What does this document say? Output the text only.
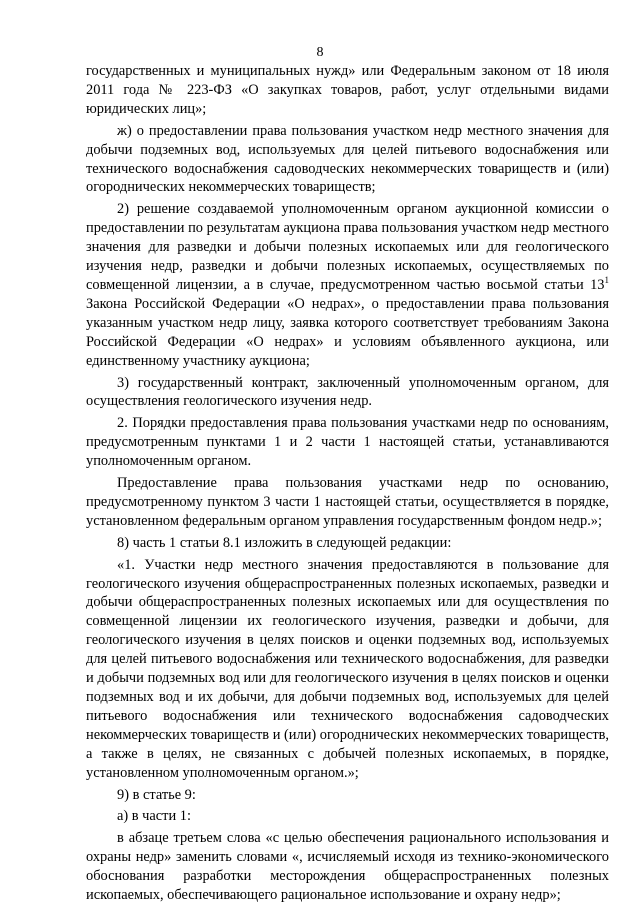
8

государственных и муниципальных нужд» или Федеральным законом от 18 июля 2011 года № 223-ФЗ «О закупках товаров, работ, услуг отдельными видами юридических лиц»;

ж) о предоставлении права пользования участком недр местного значения для добычи подземных вод, используемых для целей питьевого водоснабжения или технического водоснабжения садоводческих некоммерческих товариществ и (или) огороднических некоммерческих товариществ;

2) решение создаваемой уполномоченным органом аукционной комиссии о предоставлении по результатам аукциона права пользования участком недр местного значения для разведки и добычи полезных ископаемых или для геологического изучения недр, разведки и добычи полезных ископаемых, осуществляемых по совмещенной лицензии, а в случае, предусмотренном частью восьмой статьи $13^1$ Закона Российской Федерации «О недрах», о предоставлении права пользования указанным участком недр лицу, заявка которого соответствует требованиям Закона Российской Федерации «О недрах» и условиям объявленного аукциона, или единственному участнику аукциона;

3) государственный контракт, заключенный уполномоченным органом, для осуществления геологического изучения недр.

2. Порядки предоставления права пользования участками недр по основаниям, предусмотренным пунктами 1 и 2 части 1 настоящей статьи, устанавливаются уполномоченным органом.

Предоставление права пользования участками недр по основанию, предусмотренному пунктом 3 части 1 настоящей статьи, осуществляется в порядке, установленном федеральным органом управления государственным фондом недр.»;

8) часть 1 статьи 8.1 изложить в следующей редакции:

«1. Участки недр местного значения предоставляются в пользование для геологического изучения общераспространенных полезных ископаемых, разведки и добычи общераспространенных полезных ископаемых или для осуществления по совмещенной лицензии их геологического изучения, разведки и добычи, для геологического изучения в целях поисков и оценки подземных вод, используемых для целей питьевого водоснабжения или технического водоснабжения, для разведки и добычи подземных вод или для геологического изучения в целях поисков и оценки подземных вод и их добычи, для добычи подземных вод, используемых для целей питьевого водоснабжения или технического водоснабжения садоводческих некоммерческих товариществ и (или) огороднических некоммерческих товариществ, а также в целях, не связанных с добычей полезных ископаемых, в порядке, установленном уполномоченным органом.»;

9) в статье 9:

а) в части 1:

в абзаце третьем слова «с целью обеспечения рационального использования и охраны недр» заменить словами «, исчисляемый исходя из технико-экономического обоснования разработки месторождения общераспространенных полезных ископаемых, обеспечивающего рациональное использование и охрану недр»;
